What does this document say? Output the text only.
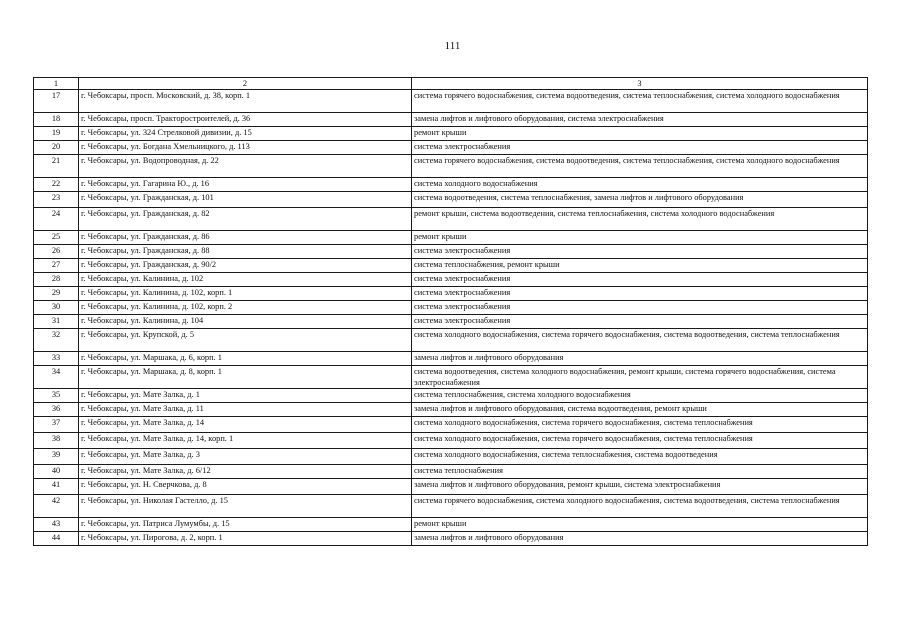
111
1	2	3
17	г. Чебоксары, просп. Московский, д. 38, корп. 1	система горячего водоснабжения, система водоотведения, система теплоснабжения, система холодного водоснабжения
18	г. Чебоксары, просп. Тракторостроителей, д. 36	замена лифтов и лифтового оборудования, система электроснабжения
19	г. Чебоксары, ул. 324 Стрелковой дивизии, д. 15	ремонт крыши
20	г. Чебоксары, ул. Богдана Хмельницкого, д. 113	система электроснабжения
21	г. Чебоксары, ул. Водопроводная, д. 22	система горячего водоснабжения, система водоотведения, система теплоснабжения, система холодного водоснабжения
22	г. Чебоксары, ул. Гагарина Ю., д. 16	система холодного водоснабжения
23	г. Чебоксары, ул. Гражданская, д. 101	система водоотведения, система теплоснабжения, замена лифтов и лифтового оборудования
24	г. Чебоксары, ул. Гражданская, д. 82	ремонт крыши, система водоотведения, система теплоснабжения, система холодного водоснабжения
25	г. Чебоксары, ул. Гражданская, д. 86	ремонт крыши
26	г. Чебоксары, ул. Гражданская, д. 88	система электроснабжения
27	г. Чебоксары, ул. Гражданская, д. 90/2	система теплоснабжения, ремонт крыши
28	г. Чебоксары, ул. Калинина, д. 102	система электроснабжения
29	г. Чебоксары, ул. Калинина, д. 102, корп. 1	система электроснабжения
30	г. Чебоксары, ул. Калинина, д. 102, корп. 2	система электроснабжения
31	г. Чебоксары, ул. Калинина, д. 104	система электроснабжения
32	г. Чебоксары, ул. Крупской, д. 5	система холодного водоснабжения, система горячего водоснабжения, система водоотведения, система теплоснабжения
33	г. Чебоксары, ул. Маршака, д. 6, корп. 1	замена лифтов и лифтового оборудования
34	г. Чебоксары, ул. Маршака, д. 8, корп. 1	система водоотведения, система холодного водоснабжения, ремонт крыши, система горячего водоснабжения, система электроснабжения
35	г. Чебоксары, ул. Мате Залка, д. 1	система теплоснабжения, система холодного водоснабжения
36	г. Чебоксары, ул. Мате Залка, д. 11	замена лифтов и лифтового оборудования, система водоотведения, ремонт крыши
37	г. Чебоксары, ул. Мате Залка, д. 14	система холодного водоснабжения, система горячего водоснабжения, система теплоснабжения
38	г. Чебоксары, ул. Мате Залка, д. 14, корп. 1	система холодного водоснабжения, система горячего водоснабжения, система теплоснабжения
39	г. Чебоксары, ул. Мате Залка, д. 3	система холодного водоснабжения, система теплоснабжения, система водоотведения
40	г. Чебоксары, ул. Мате Залка, д. 6/12	система теплоснабжения
41	г. Чебоксары, ул. Н. Сверчкова, д. 8	замена лифтов и лифтового оборудования, ремонт крыши, система электроснабжения
42	г. Чебоксары, ул. Николая Гастелло, д. 15	система горячего водоснабжения, система холодного водоснабжения, система водоотведения, система теплоснабжения
43	г. Чебоксары, ул. Патриса Лумумбы, д. 15	ремонт крыши
44	г. Чебоксары, ул. Пирогова, д. 2, корп. 1	замена лифтов и лифтового оборудования
